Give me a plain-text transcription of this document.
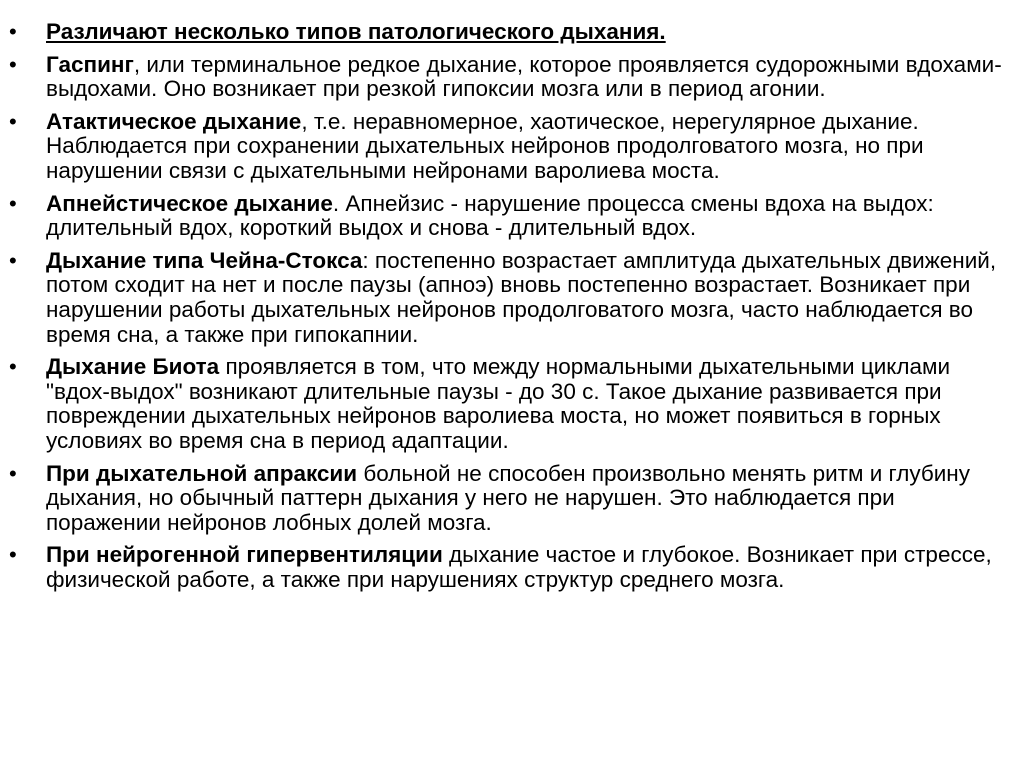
• Различают несколько типов патологического дыхания.
• Гаспинг, или терминальное редкое дыхание, которое проявляется судорожными вдохами-выдохами. Оно возникает при резкой гипоксии мозга или в период агонии.
• Атактическое дыхание, т.е. неравномерное, хаотическое, нерегулярное дыхание. Наблюдается при сохранении дыхательных нейронов продолговатого мозга, но при нарушении связи с дыхательными нейронами варолиева моста.
• Апнейстическое дыхание. Апнейзис - нарушение процесса смены вдоха на выдох: длительный вдох, короткий выдох и снова - длительный вдох.
• Дыхание типа Чейна-Стокса: постепенно возрастает амплитуда дыхательных движений, потом сходит на нет и после паузы (апноэ) вновь постепенно возрастает. Возникает при нарушении работы дыхательных нейронов продолговатого мозга, часто наблюдается во время сна, а также при гипокапнии.
• Дыхание Биота проявляется в том, что между нормальными дыхательными циклами "вдох-выдох" возникают длительные паузы - до 30 с. Такое дыхание развивается при повреждении дыхательных нейронов варолиева моста, но может появиться в горных условиях во время сна в период адаптации.
• При дыхательной апраксии больной не способен произвольно менять ритм и глубину дыхания, но обычный паттерн дыхания у него не нарушен. Это наблюдается при поражении нейронов лобных долей мозга.
• При нейрогенной гипервентиляции дыхание частое и глубокое. Возникает при стрессе, физической работе, а также при нарушениях структур среднего мозга.
